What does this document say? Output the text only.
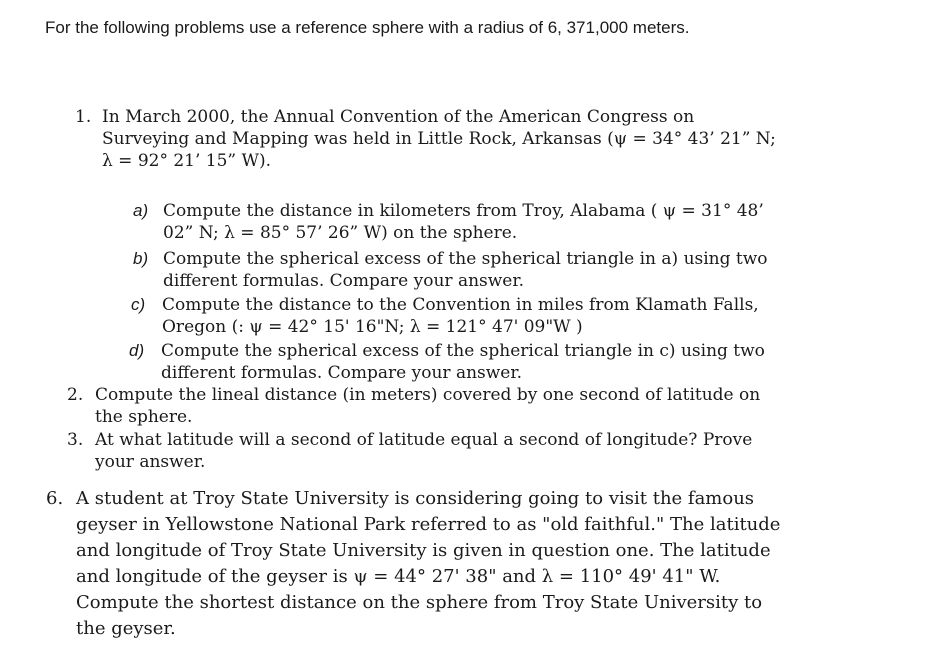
For the following problems use a reference sphere with a radius of 6, 371,000 meters.
1. In March 2000, the Annual Convention of the American Congress on
Surveying and Mapping was held in Little Rock, Arkansas (ψ = 34° 43’ 21” N;
λ = 92° 21’ 15” W).
a) Compute the distance in kilometers from Troy, Alabama ( ψ = 31° 48’
02” N; λ = 85° 57’ 26” W) on the sphere.
b) Compute the spherical excess of the spherical triangle in a) using two
different formulas. Compare your answer.
c) Compute the distance to the Convention in miles from Klamath Falls,
Oregon (: ψ = 42° 15' 16"N; λ = 121° 47' 09"W )
d) Compute the spherical excess of the spherical triangle in c) using two
different formulas. Compare your answer.
2. Compute the lineal distance (in meters) covered by one second of latitude on
the sphere.
3. At what latitude will a second of latitude equal a second of longitude? Prove
your answer.
6. A student at Troy State University is considering going to visit the famous
geyser in Yellowstone National Park referred to as "old faithful." The latitude
and longitude of Troy State University is given in question one. The latitude
and longitude of the geyser is ψ = 44° 27' 38" and λ = 110° 49' 41" W.
Compute the shortest distance on the sphere from Troy State University to
the geyser.
